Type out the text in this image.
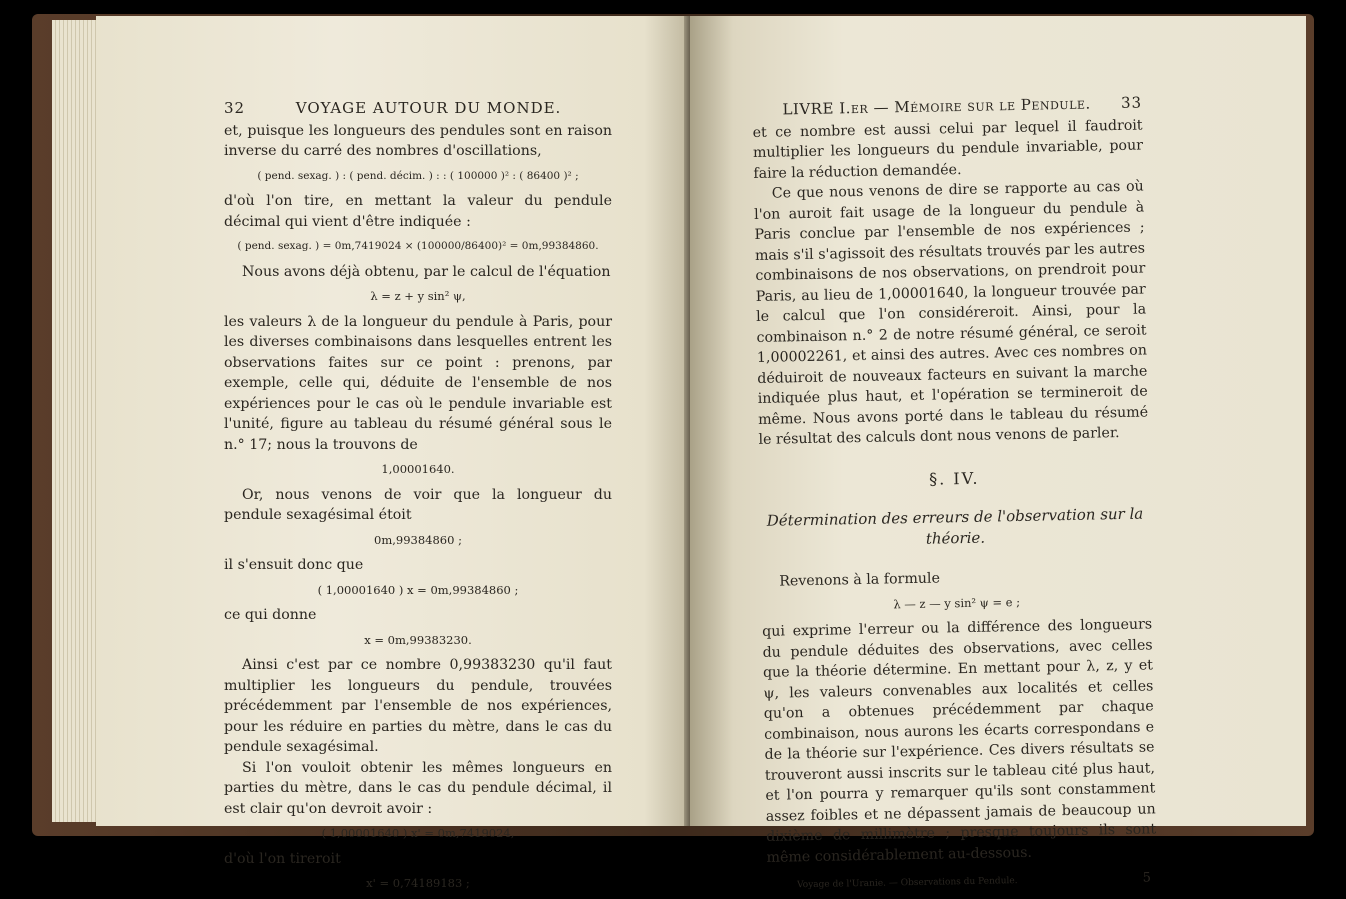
32	VOYAGE AUTOUR DU MONDE.

et, puisque les longueurs des pendules sont en raison inverse du carré des nombres d'oscillations,

( pend. sexag. ) : ( pend. décim. ) : : ( 100000 )² : ( 86400 )² ;

d'où l'on tire, en mettant la valeur du pendule décimal qui vient d'être indiquée :

( pend. sexag. ) = 0m,7419024 × (100000/86400)² = 0m,99384860.

Nous avons déjà obtenu, par le calcul de l'équation

λ = z + y sin² ψ,

les valeurs λ de la longueur du pendule à Paris, pour les diverses combinaisons dans lesquelles entrent les observations faites sur ce point : prenons, par exemple, celle qui, déduite de l'ensemble de nos expériences pour le cas où le pendule invariable est l'unité, figure au tableau du résumé général sous le n.° 17; nous la trouvons de

1,00001640.

Or, nous venons de voir que la longueur du pendule sexagésimal étoit

0m,99384860 ;

il s'ensuit donc que

( 1,00001640 ) x = 0m,99384860 ;

ce qui donne

x = 0m,99383230.

Ainsi c'est par ce nombre 0,99383230 qu'il faut multiplier les longueurs du pendule, trouvées précédemment par l'ensemble de nos expériences, pour les réduire en parties du mètre, dans le cas du pendule sexagésimal.

Si l'on vouloit obtenir les mêmes longueurs en parties du mètre, dans le cas du pendule décimal, il est clair qu'on devroit avoir :

( 1,00001640 ) x' = 0m,7419024,

d'où l'on tireroit

x' = 0,74189183 ;
LIVRE I.er — Mémoire sur le Pendule.	33

et ce nombre est aussi celui par lequel il faudroit multiplier les longueurs du pendule invariable, pour faire la réduction demandée.

Ce que nous venons de dire se rapporte au cas où l'on auroit fait usage de la longueur du pendule à Paris conclue par l'ensemble de nos expériences ; mais s'il s'agissoit des résultats trouvés par les autres combinaisons de nos observations, on prendroit pour Paris, au lieu de 1,00001640, la longueur trouvée par le calcul que l'on considéreroit. Ainsi, pour la combinaison n.° 2 de notre résumé général, ce seroit 1,00002261, et ainsi des autres. Avec ces nombres on déduiroit de nouveaux facteurs en suivant la marche indiquée plus haut, et l'opération se termineroit de même. Nous avons porté dans le tableau du résumé le résultat des calculs dont nous venons de parler.

§. IV.
Détermination des erreurs de l'observation sur la théorie.

Revenons à la formule

λ — z — y sin² ψ = e ;

qui exprime l'erreur ou la différence des longueurs du pendule déduites des observations, avec celles que la théorie détermine. En mettant pour λ, z, y et ψ, les valeurs convenables aux localités et celles qu'on a obtenues précédemment par chaque combinaison, nous aurons les écarts correspondans e de la théorie sur l'expérience. Ces divers résultats se trouveront aussi inscrits sur le tableau cité plus haut, et l'on pourra y remarquer qu'ils sont constamment assez foibles et ne dépassent jamais de beaucoup un dixième de millimètre ; presque toujours ils sont même considérablement au-dessous.

Voyage de l'Uranie. — Observations du Pendule.	5
